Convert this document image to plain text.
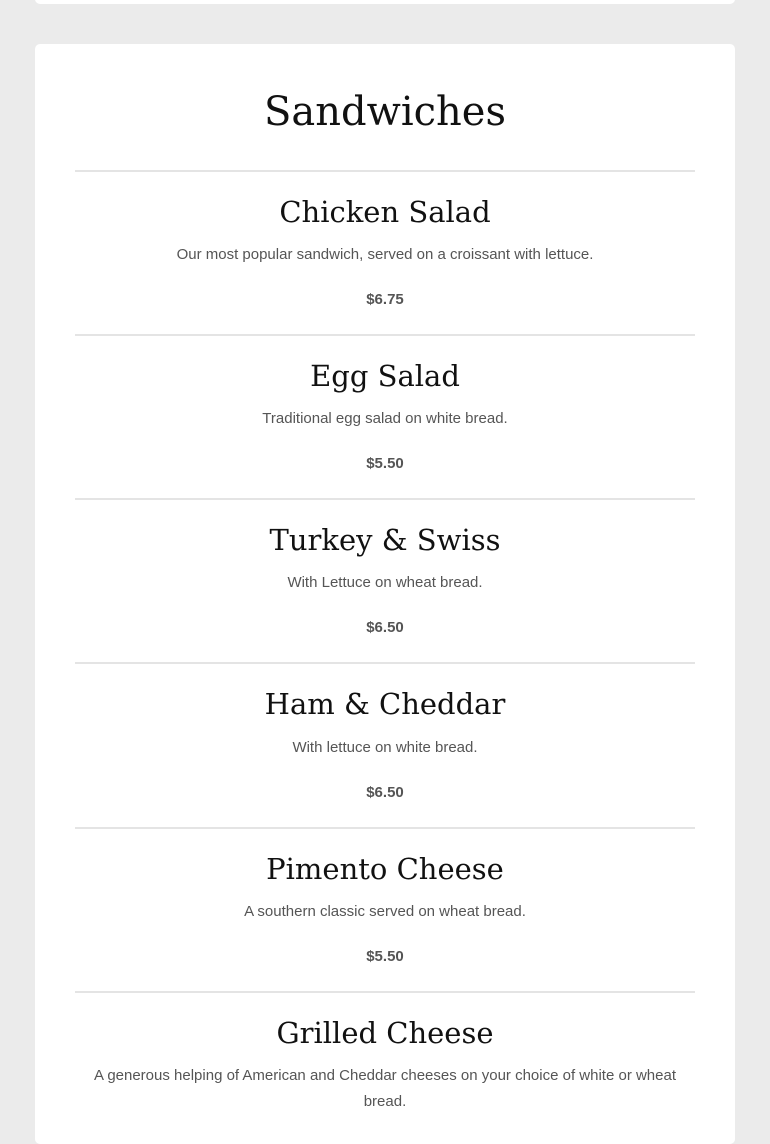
Sandwiches
Chicken Salad

Our most popular sandwich, served on a croissant with lettuce.

$6.75

Egg Salad

Traditional egg salad on white bread.

$5.50

Turkey & Swiss

With Lettuce on wheat bread.

$6.50

Ham & Cheddar

With lettuce on white bread.

$6.50

Pimento Cheese

A southern classic served on wheat bread.

$5.50

Grilled Cheese

A generous helping of American and Cheddar cheeses on your choice of white or wheat bread.
